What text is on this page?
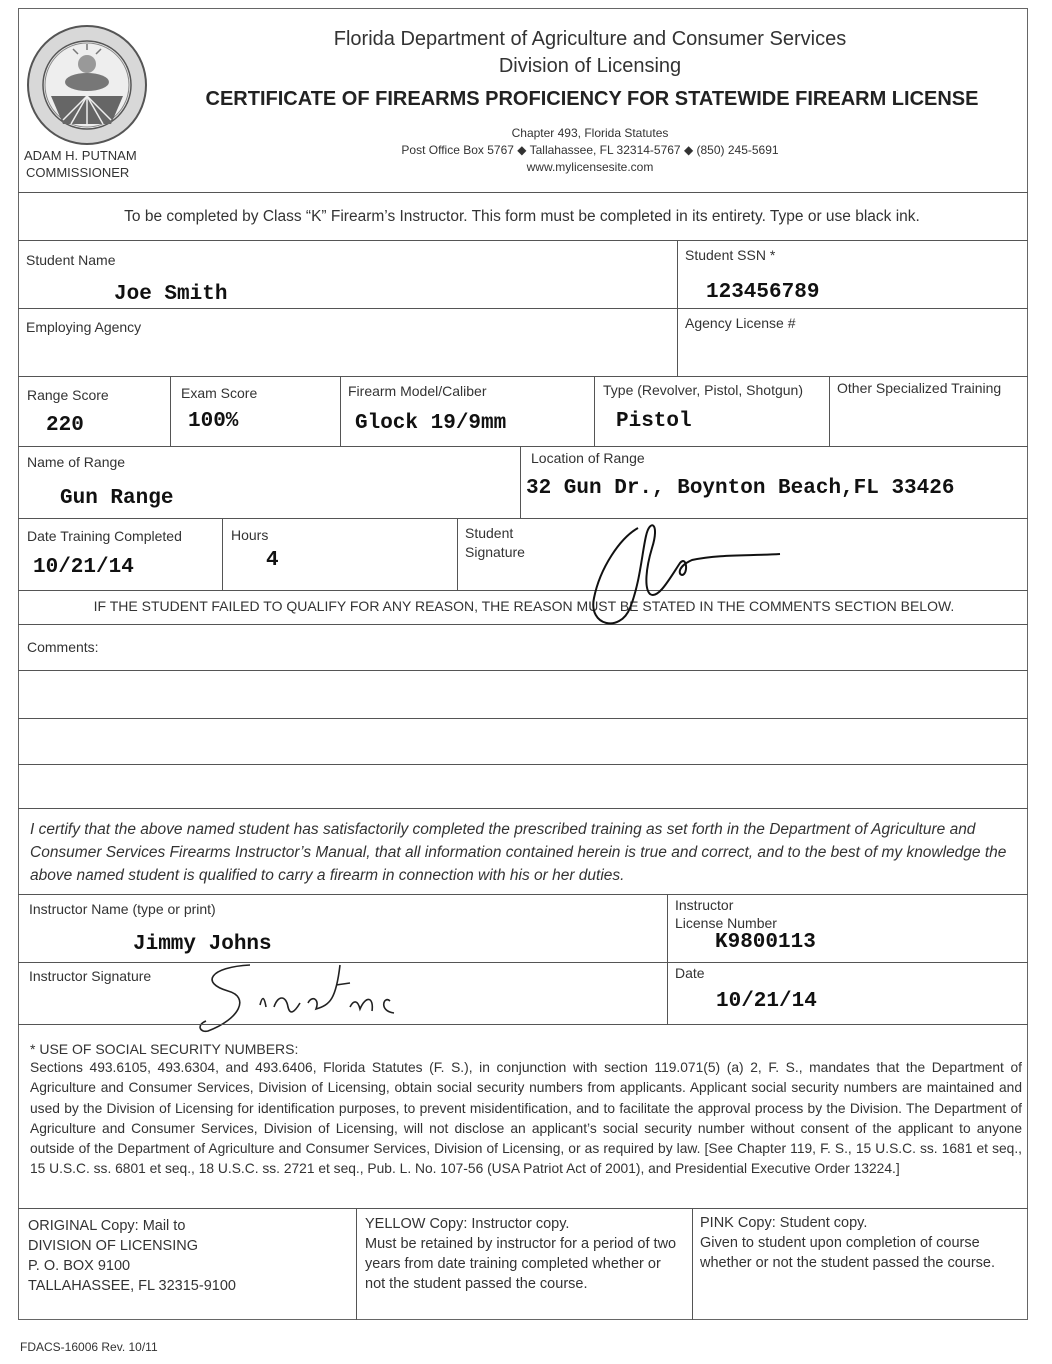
ADAM H. PUTNAM
COMMISSIONER
Florida Department of Agriculture and Consumer Services
Division of Licensing
CERTIFICATE OF FIREARMS PROFICIENCY FOR STATEWIDE FIREARM LICENSE
Chapter 493, Florida Statutes
Post Office Box 5767 ◆ Tallahassee, FL 32314-5767 ◆ (850) 245-5691
www.mylicensesite.com
To be completed by Class “K” Firearm’s Instructor. This form must be completed in its entirety. Type or use black ink.
Student Name
Joe Smith
Student SSN *
123456789
Employing Agency	Agency License #
Range Score
220
Exam Score
100%
Firearm Model/Caliber
Glock 19/9mm
Type (Revolver, Pistol, Shotgun)
Pistol
Other Specialized Training
Name of Range
Gun Range
Location of Range
32 Gun Dr., Boynton Beach,FL 33426
Date Training Completed
10/21/14
Hours
4
Student
Signature
IF THE STUDENT FAILED TO QUALIFY FOR ANY REASON, THE REASON MUST BE STATED IN THE COMMENTS SECTION BELOW.
Comments:
I certify that the above named student has satisfactorily completed the prescribed training as set forth in the Department of Agriculture and Consumer Services Firearms Instructor’s Manual, that all information contained herein is true and correct, and to the best of my knowledge the above named student is qualified to carry a firearm in connection with his or her duties.
Instructor Name (type or print)
Jimmy Johns
Instructor
License Number
K9800113
Instructor Signature	Date
10/21/14
* USE OF SOCIAL SECURITY NUMBERS:
Sections 493.6105, 493.6304, and 493.6406, Florida Statutes (F. S.), in conjunction with section 119.071(5) (a) 2, F. S., mandates that the Department of Agriculture and Consumer Services, Division of Licensing, obtain social security numbers from applicants. Applicant social security numbers are maintained and used by the Division of Licensing for identification purposes, to prevent misidentification, and to facilitate the approval process by the Division. The Department of Agriculture and Consumer Services, Division of Licensing, will not disclose an applicant’s social security number without consent of the applicant to anyone outside of the Department of Agriculture and Consumer Services, Division of Licensing, or as required by law. [See Chapter 119, F. S., 15 U.S.C. ss. 1681 et seq., 15 U.S.C. ss. 6801 et seq., 18 U.S.C. ss. 2721 et seq., Pub. L. No. 107-56 (USA Patriot Act of 2001), and Presidential Executive Order 13224.]
ORIGINAL Copy: Mail to
DIVISION OF LICENSING
P. O. BOX 9100
TALLAHASSEE, FL 32315-9100
YELLOW Copy: Instructor copy.
Must be retained by instructor for a period of two years from date training completed whether or not the student passed the course.
PINK Copy: Student copy.
Given to student upon completion of course whether or not the student passed the course.
FDACS-16006 Rev. 10/11
